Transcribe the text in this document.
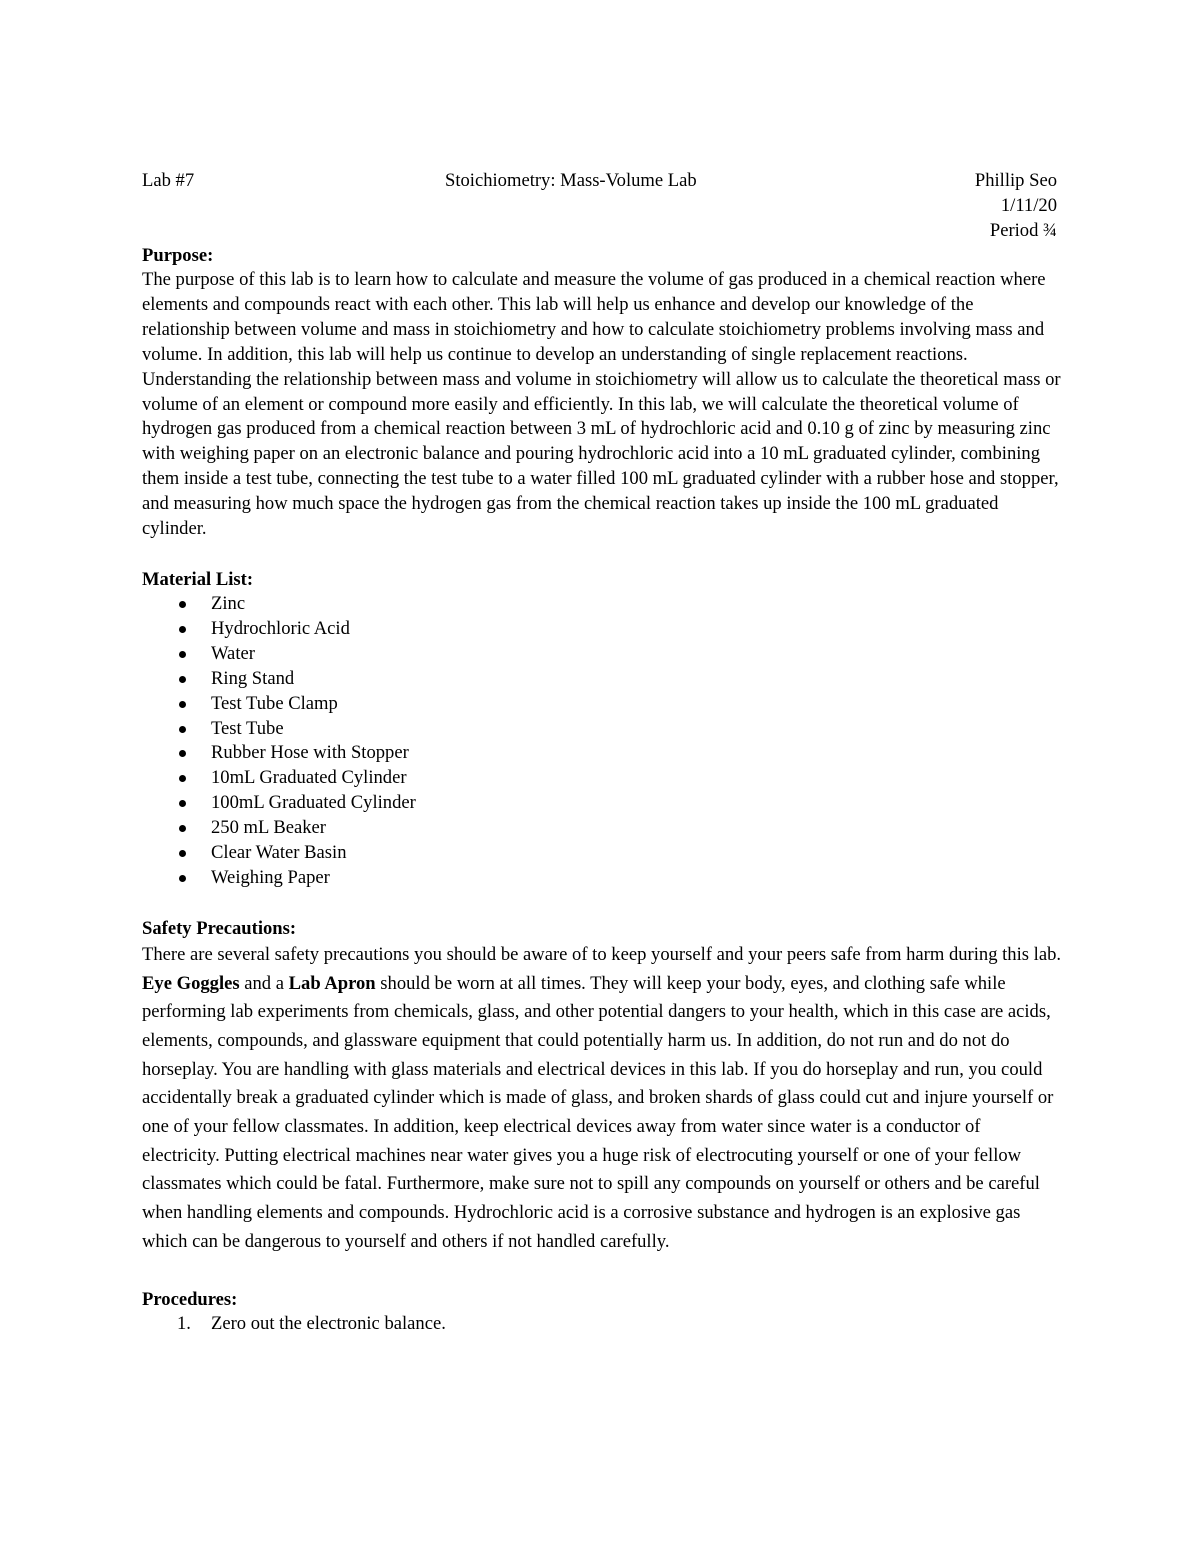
Lab #7	Stoichiometry: Mass-Volume Lab	Phillip Seo
1/11/20
Period ¾
Purpose:

The purpose of this lab is to learn how to calculate and measure the volume of gas produced in a chemical reaction where elements and compounds react with each other. This lab will help us enhance and develop our knowledge of the relationship between volume and mass in stoichiometry and how to calculate stoichiometry problems involving mass and volume. In addition, this lab will help us continue to develop an understanding of single replacement reactions. Understanding the relationship between mass and volume in stoichiometry will allow us to calculate the theoretical mass or volume of an element or compound more easily and efficiently. In this lab, we will calculate the theoretical volume of hydrogen gas produced from a chemical reaction between 3 mL of hydrochloric acid and 0.10 g of zinc by measuring zinc with weighing paper on an electronic balance and pouring hydrochloric acid into a 10 mL graduated cylinder, combining them inside a test tube, connecting the test tube to a water filled 100 mL graduated cylinder with a rubber hose and stopper, and measuring how much space the hydrogen gas from the chemical reaction takes up inside the 100 mL graduated cylinder.

Material List:
Zinc
Hydrochloric Acid
Water
Ring Stand
Test Tube Clamp
Test Tube
Rubber Hose with Stopper
10mL Graduated Cylinder
100mL Graduated Cylinder
250 mL Beaker
Clear Water Basin
Weighing Paper
Safety Precautions:

There are several safety precautions you should be aware of to keep yourself and your peers safe from harm during this lab. Eye Goggles and a Lab Apron should be worn at all times. They will keep your body, eyes, and clothing safe while performing lab experiments from chemicals, glass, and other potential dangers to your health, which in this case are acids, elements, compounds, and glassware equipment that could potentially harm us. In addition, do not run and do not do horseplay. You are handling with glass materials and electrical devices in this lab. If you do horseplay and run, you could accidentally break a graduated cylinder which is made of glass, and broken shards of glass could cut and injure yourself or one of your fellow classmates. In addition, keep electrical devices away from water since water is a conductor of electricity. Putting electrical machines near water gives you a huge risk of electrocuting yourself or one of your fellow classmates which could be fatal. Furthermore, make sure not to spill any compounds on yourself or others and be careful when handling elements and compounds. Hydrochloric acid is a corrosive substance and hydrogen is an explosive gas which can be dangerous to yourself and others if not handled carefully.

Procedures:
1. Zero out the electronic balance.
